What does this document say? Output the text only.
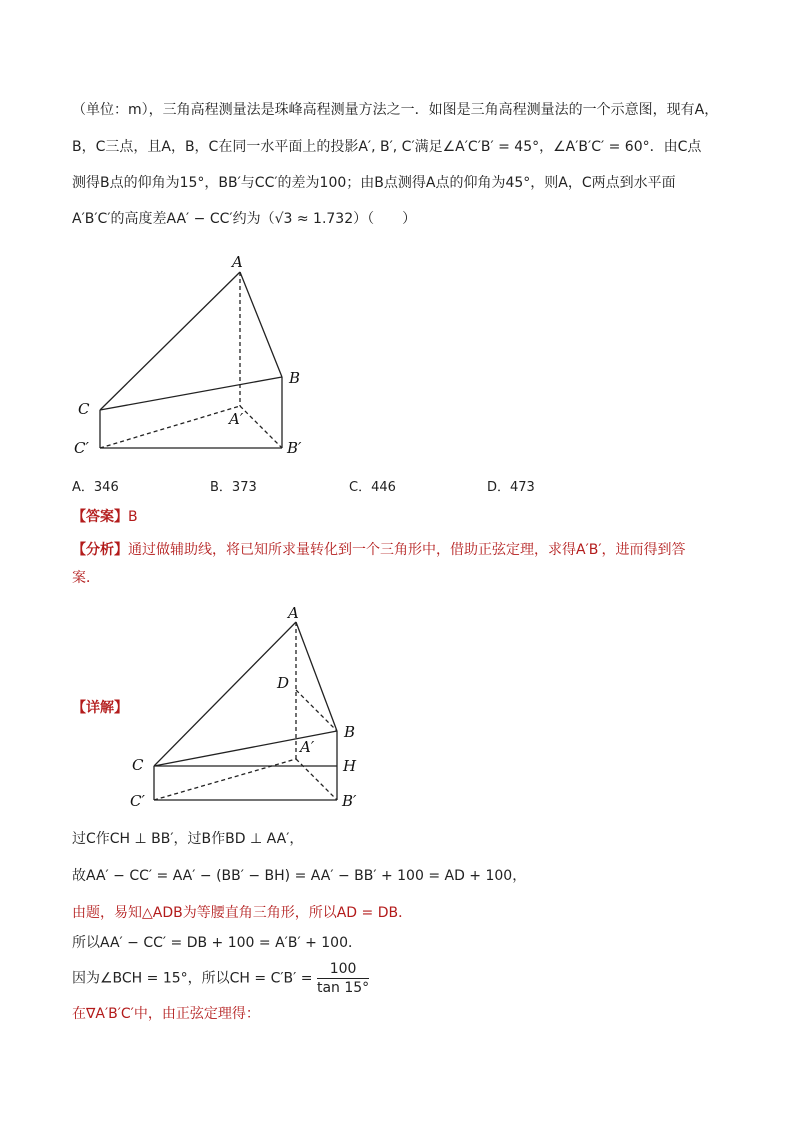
（单位：m），三角高程测量法是珠峰高程测量方法之一．如图是三角高程测量法的一个示意图，现有A，
B，C三点，且A，B，C在同一水平面上的投影A′, B′, C′满足∠A′C′B′ = 45°，∠A′B′C′ = 60°．由C点
测得B点的仰角为15°，BB′与CC′的差为100；由B点测得A点的仰角为45°，则A，C两点到水平面
A′B′C′的高度差AA′ − CC′约为（√3 ≈ 1.732）（　　）
A
B
C
A′
C′	B′
A．346	B．373	C．446	D．473
【答案】B
【分析】通过做辅助线，将已知所求量转化到一个三角形中，借助正弦定理，求得A′B′，进而得到答
案．
【详解】
A
D
B
A′
C	H
C′	B′
过C作CH ⊥ BB′，过B作BD ⊥ AA′，
故AA′ − CC′ = AA′ − (BB′ − BH) = AA′ − BB′ + 100 = AD + 100，
由题，易知△ADB为等腰直角三角形，所以AD = DB．
所以AA′ − CC′ = DB + 100 = A′B′ + 100．
因为∠BCH = 15°，所以CH = $C'B' = \frac{100}{\tan 15^\circ}$
在∇A′B′C′中，由正弦定理得：
